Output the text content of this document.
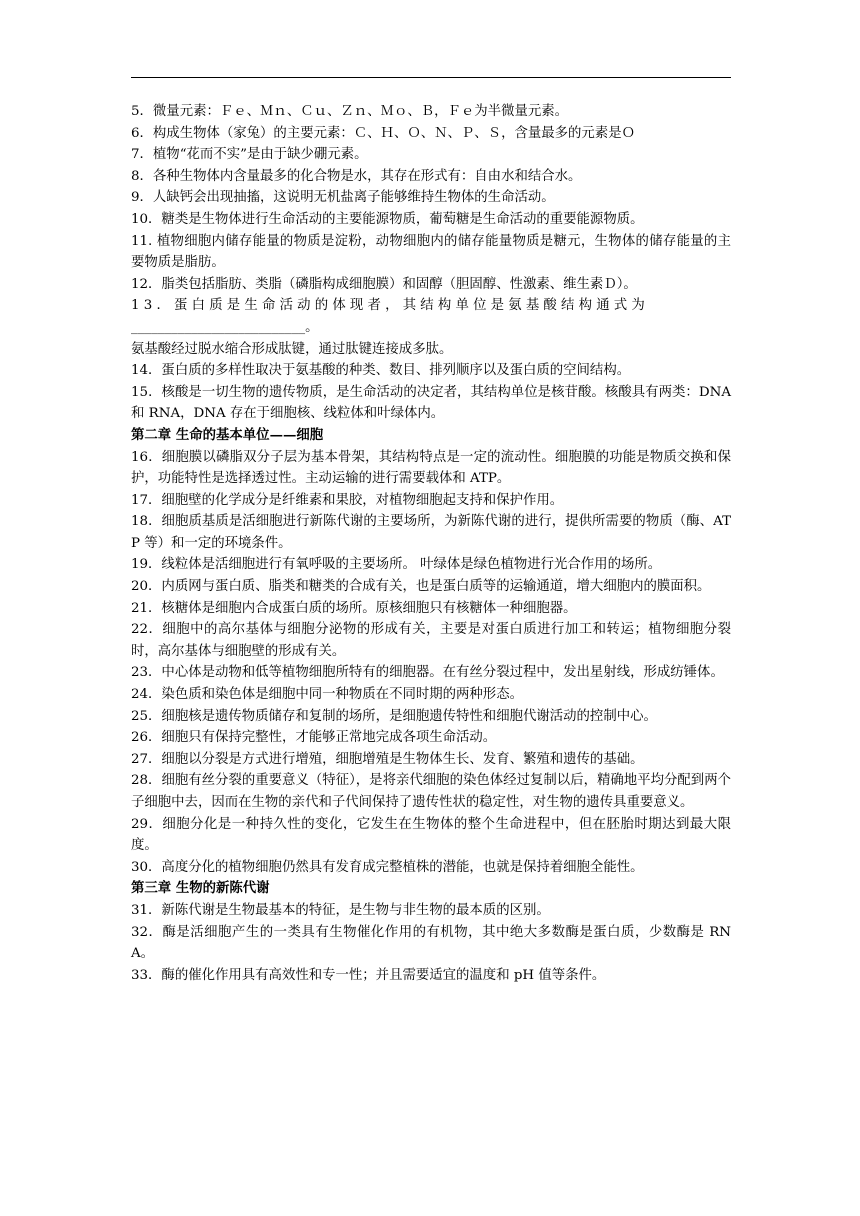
5．微量元素：Ｆｅ、Ｍｎ、Ｃｕ、Ｚｎ、Ｍｏ、Ｂ，Ｆｅ为半微量元素。

6．构成生物体（家兔）的主要元素：Ｃ、Ｈ、Ｏ、Ｎ、Ｐ、Ｓ，含量最多的元素是Ｏ

7．植物“花而不实”是由于缺少硼元素。

8．各种生物体内含量最多的化合物是水，其存在形式有：自由水和结合水。

9．人缺钙会出现抽搐，这说明无机盐离子能够维持生物体的生命活动。

10．糖类是生物体进行生命活动的主要能源物质，葡萄糖是生命活动的重要能源物质。

11. 植物细胞内储存能量的物质是淀粉，动物细胞内的储存能量物质是糖元，生物体的储存能量的主要物质是脂肪。

12．脂类包括脂肪、类脂（磷脂构成细胞膜）和固醇（胆固醇、性激素、维生素Ｄ）。

13．蛋白质是生命活动的体现者，其结构单位是氨基酸结构通式为

__________________________。

氨基酸经过脱水缩合形成肽键，通过肽键连接成多肽。

14．蛋白质的多样性取决于氨基酸的种类、数目、排列顺序以及蛋白质的空间结构。

15．核酸是一切生物的遗传物质，是生命活动的决定者，其结构单位是核苷酸。核酸具有两类：DNA 和 RNA，DNA 存在于细胞核、线粒体和叶绿体内。

第二章 生命的基本单位——细胞

16．细胞膜以磷脂双分子层为基本骨架，其结构特点是一定的流动性。细胞膜的功能是物质交换和保护，功能特性是选择透过性。主动运输的进行需要载体和 ATP。

17．细胞壁的化学成分是纤维素和果胶，对植物细胞起支持和保护作用。

18．细胞质基质是活细胞进行新陈代谢的主要场所，为新陈代谢的进行，提供所需要的物质（酶、ATP 等）和一定的环境条件。

19．线粒体是活细胞进行有氧呼吸的主要场所。 叶绿体是绿色植物进行光合作用的场所。

20．内质网与蛋白质、脂类和糖类的合成有关，也是蛋白质等的运输通道，增大细胞内的膜面积。

21．核糖体是细胞内合成蛋白质的场所。原核细胞只有核糖体一种细胞器。

22．细胞中的高尔基体与细胞分泌物的形成有关，主要是对蛋白质进行加工和转运；植物细胞分裂时，高尔基体与细胞壁的形成有关。

23．中心体是动物和低等植物细胞所特有的细胞器。在有丝分裂过程中，发出星射线，形成纺锤体。

24．染色质和染色体是细胞中同一种物质在不同时期的两种形态。

25．细胞核是遗传物质储存和复制的场所，是细胞遗传特性和细胞代谢活动的控制中心。

26．细胞只有保持完整性，才能够正常地完成各项生命活动。

27．细胞以分裂是方式进行增殖，细胞增殖是生物体生长、发育、繁殖和遗传的基础。

28．细胞有丝分裂的重要意义（特征），是将亲代细胞的染色体经过复制以后，精确地平均分配到两个子细胞中去，因而在生物的亲代和子代间保持了遗传性状的稳定性，对生物的遗传具重要意义。

29．细胞分化是一种持久性的变化，它发生在生物体的整个生命进程中，但在胚胎时期达到最大限度。

30．高度分化的植物细胞仍然具有发育成完整植株的潜能，也就是保持着细胞全能性。

第三章 生物的新陈代谢

31．新陈代谢是生物最基本的特征，是生物与非生物的最本质的区别。

32．酶是活细胞产生的一类具有生物催化作用的有机物，其中绝大多数酶是蛋白质，少数酶是 RNA。

33．酶的催化作用具有高效性和专一性；并且需要适宜的温度和 pH 值等条件。
